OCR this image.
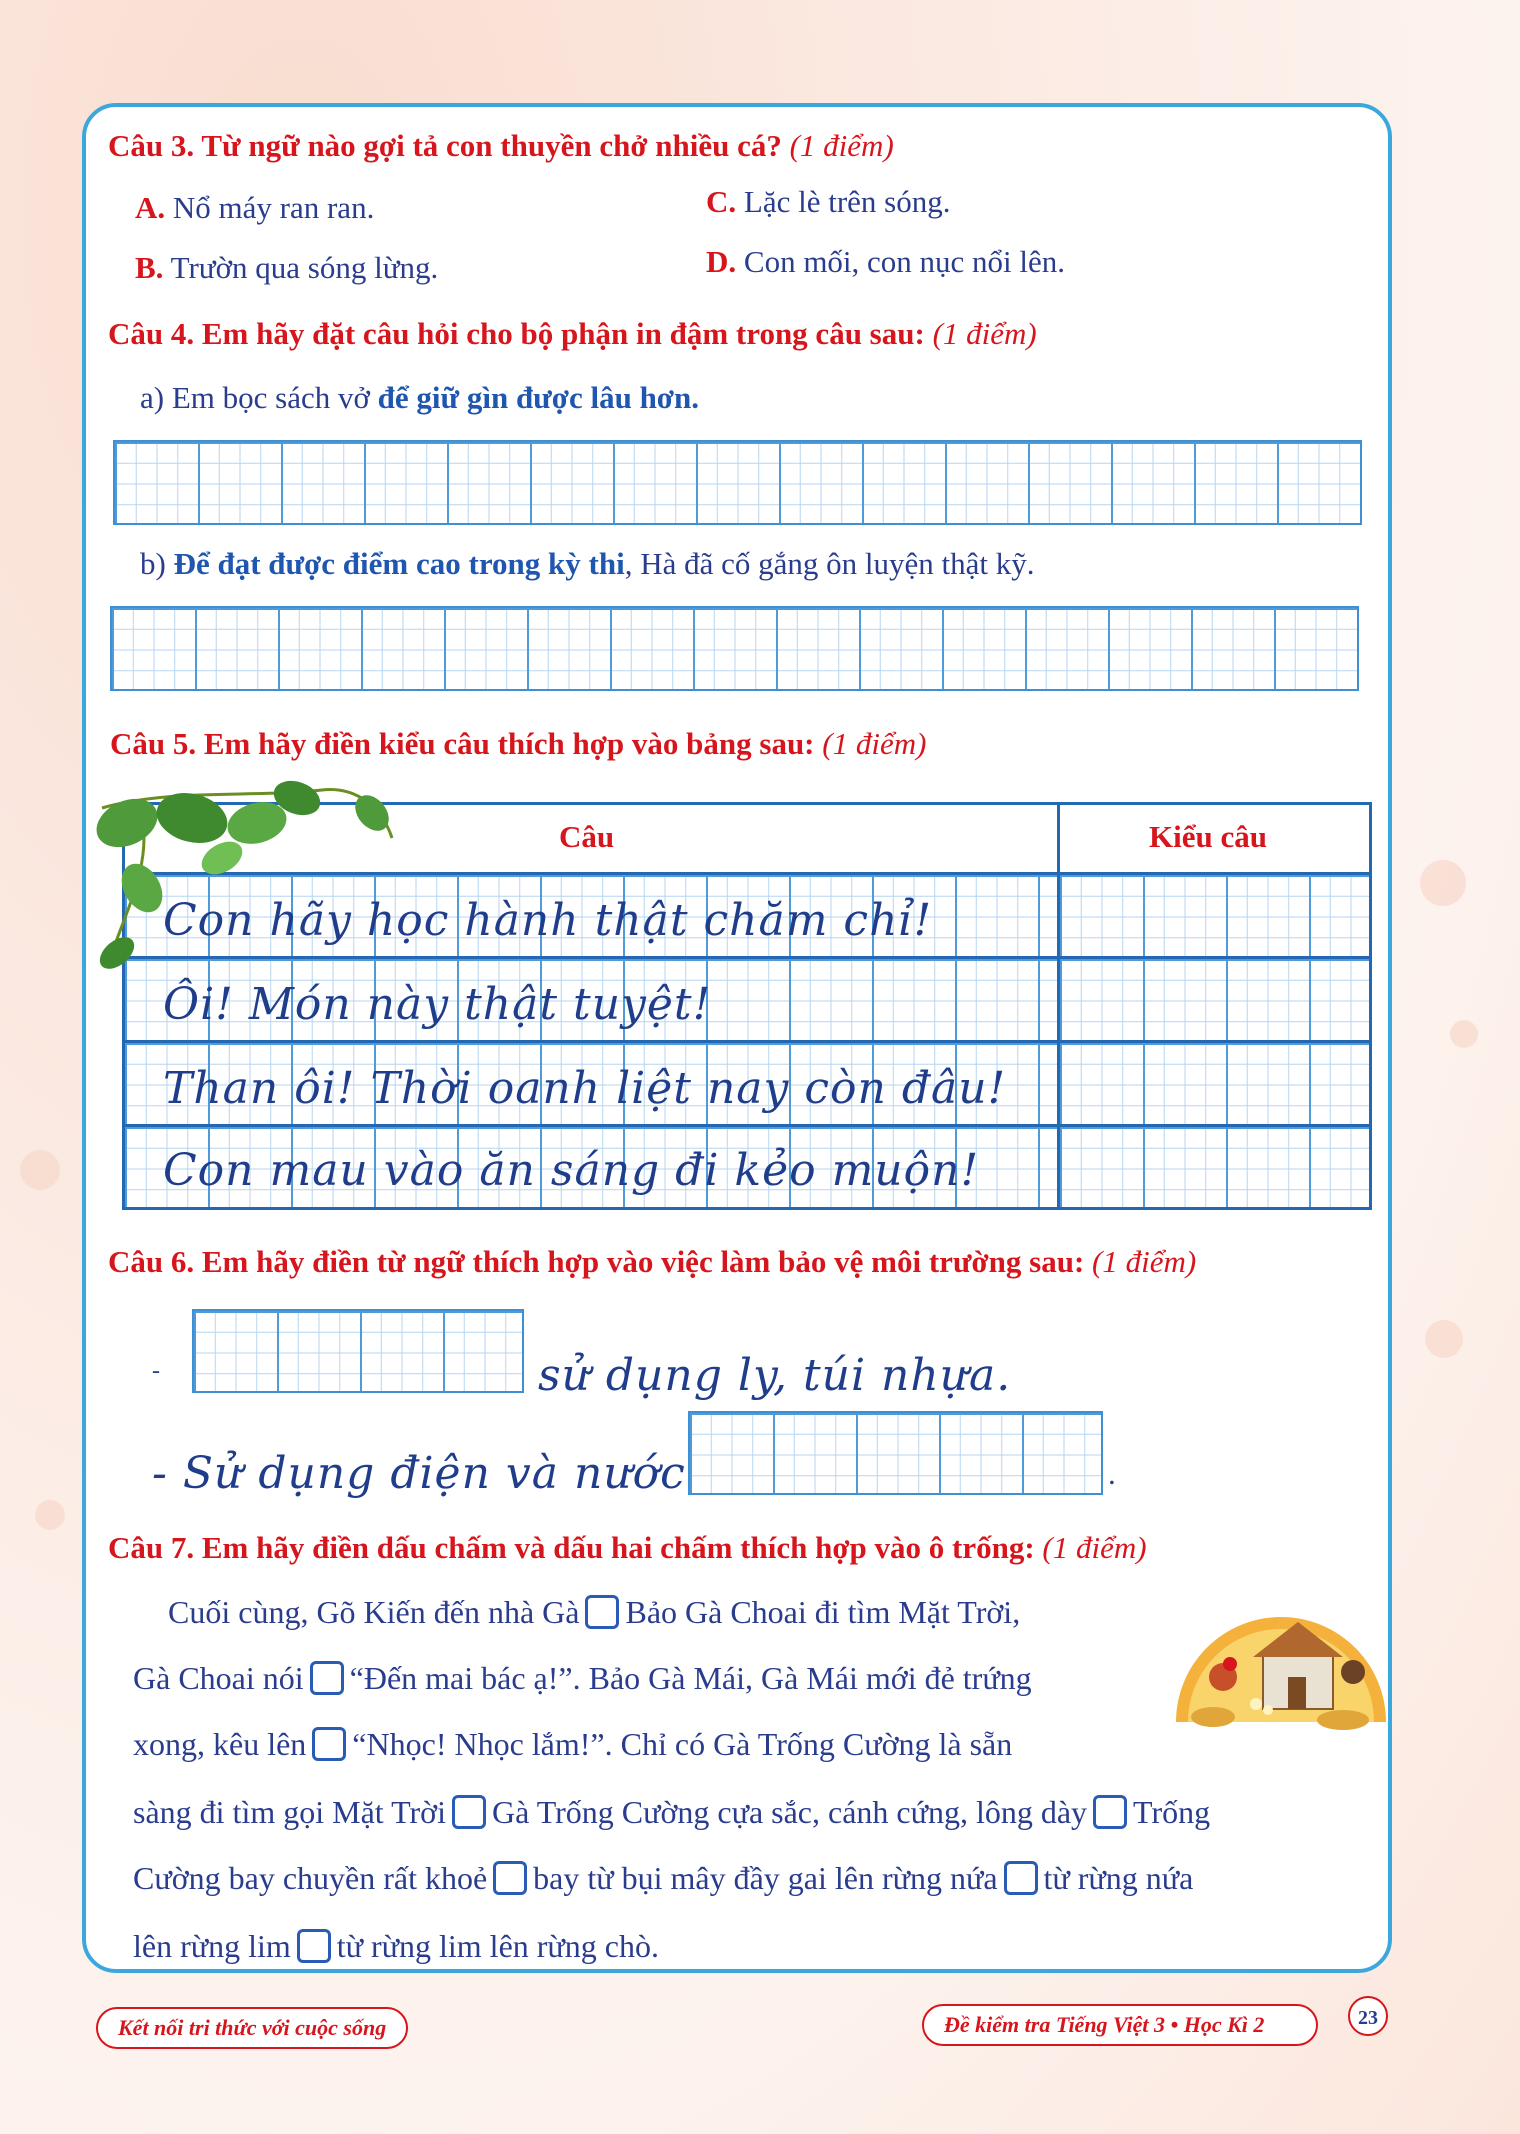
Câu 3. Từ ngữ nào gợi tả con thuyền chở nhiều cá? (1 điểm)
A. Nổ máy ran ran.
B. Trườn qua sóng lừng.
C. Lặc lè trên sóng.
D. Con mối, con nục nổi lên.
Câu 4. Em hãy đặt câu hỏi cho bộ phận in đậm trong câu sau: (1 điểm)
a) Em bọc sách vở để giữ gìn được lâu hơn.
b) Để đạt được điểm cao trong kỳ thi, Hà đã cố gắng ôn luyện thật kỹ.
Câu 5. Em hãy điền kiểu câu thích hợp vào bảng sau: (1 điểm)
Câu	Kiểu câu
Con hãy học hành thật chăm chỉ!
Ôi! Món này thật tuyệt!
Than ôi! Thời oanh liệt nay còn đâu!
Con mau vào ăn sáng đi kẻo muộn!
Câu 6. Em hãy điền từ ngữ thích hợp vào việc làm bảo vệ môi trường sau: (1 điểm)
-	sử dụng ly, túi nhựa.
- Sử dụng điện và nước	.
Câu 7. Em hãy điền dấu chấm và dấu hai chấm thích hợp vào ô trống: (1 điểm)
Cuối cùng, Gõ Kiến đến nhà Gà Bảo Gà Choai đi tìm Mặt Trời,
Gà Choai nói “Đến mai bác ạ!”. Bảo Gà Mái, Gà Mái mới đẻ trứng
xong, kêu lên “Nhọc! Nhọc lắm!”. Chỉ có Gà Trống Cường là sẵn
sàng đi tìm gọi Mặt Trời Gà Trống Cường cựa sắc, cánh cứng, lông dày Trống
Cường bay chuyền rất khoẻ bay từ bụi mây đầy gai lên rừng nứa từ rừng nứa
lên rừng lim từ rừng lim lên rừng chò.
Kết nối tri thức với cuộc sống	Đề kiểm tra Tiếng Việt 3 • Học Kì 2	23
